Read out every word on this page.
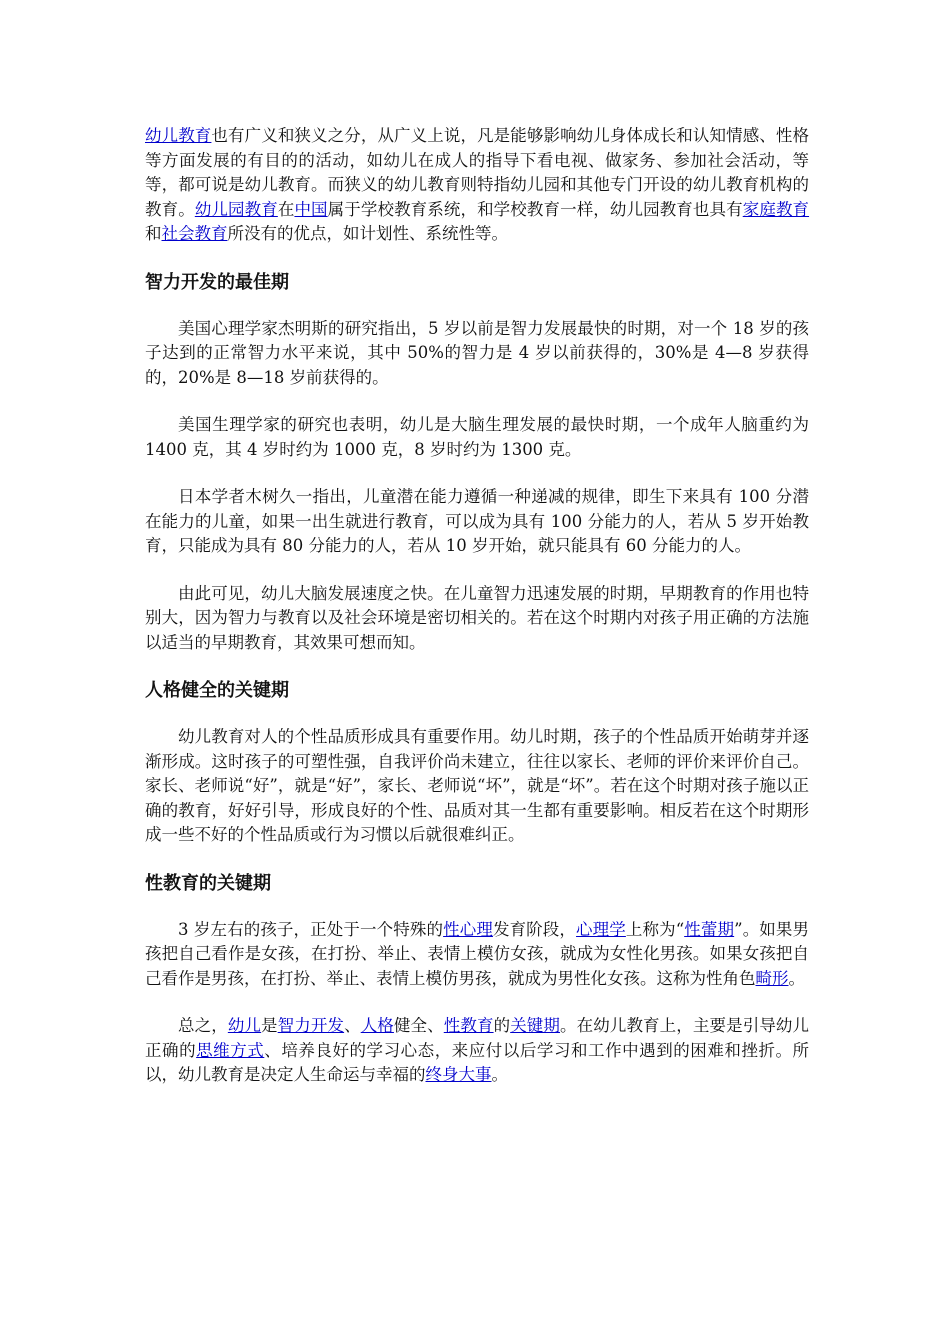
幼儿教育也有广义和狭义之分，从广义上说，凡是能够影响幼儿身体成长和认知情感、性格等方面发展的有目的的活动，如幼儿在成人的指导下看电视、做家务、参加社会活动，等等，都可说是幼儿教育。而狭义的幼儿教育则特指幼儿园和其他专门开设的幼儿教育机构的教育。幼儿园教育在中国属于学校教育系统，和学校教育一样，幼儿园教育也具有家庭教育和社会教育所没有的优点，如计划性、系统性等。

智力开发的最佳期

美国心理学家杰明斯的研究指出，5 岁以前是智力发展最快的时期，对一个 18 岁的孩子达到的正常智力水平来说，其中 50%的智力是 4 岁以前获得的，30%是 4—8 岁获得的，20%是 8—18 岁前获得的。

美国生理学家的研究也表明，幼儿是大脑生理发展的最快时期，一个成年人脑重约为 1400 克，其 4 岁时约为 1000 克，8 岁时约为 1300 克。

日本学者木树久一指出，儿童潜在能力遵循一种递减的规律，即生下来具有 100 分潜在能力的儿童，如果一出生就进行教育，可以成为具有 100 分能力的人，若从 5 岁开始教育，只能成为具有 80 分能力的人，若从 10 岁开始，就只能具有 60 分能力的人。

由此可见，幼儿大脑发展速度之快。在儿童智力迅速发展的时期，早期教育的作用也特别大，因为智力与教育以及社会环境是密切相关的。若在这个时期内对孩子用正确的方法施以适当的早期教育，其效果可想而知。

人格健全的关键期

幼儿教育对人的个性品质形成具有重要作用。幼儿时期，孩子的个性品质开始萌芽并逐渐形成。这时孩子的可塑性强，自我评价尚未建立，往往以家长、老师的评价来评价自己。家长、老师说“好”，就是“好”，家长、老师说“坏”，就是“坏”。若在这个时期对孩子施以正确的教育，好好引导，形成良好的个性、品质对其一生都有重要影响。相反若在这个时期形成一些不好的个性品质或行为习惯以后就很难纠正。

性教育的关键期

3 岁左右的孩子，正处于一个特殊的性心理发育阶段，心理学上称为“性蕾期”。如果男孩把自己看作是女孩，在打扮、举止、表情上模仿女孩，就成为女性化男孩。如果女孩把自己看作是男孩，在打扮、举止、表情上模仿男孩，就成为男性化女孩。这称为性角色畸形。

总之，幼儿是智力开发、人格健全、性教育的关键期。在幼儿教育上，主要是引导幼儿正确的思维方式、培养良好的学习心态，来应付以后学习和工作中遇到的困难和挫折。所以，幼儿教育是决定人生命运与幸福的终身大事。
